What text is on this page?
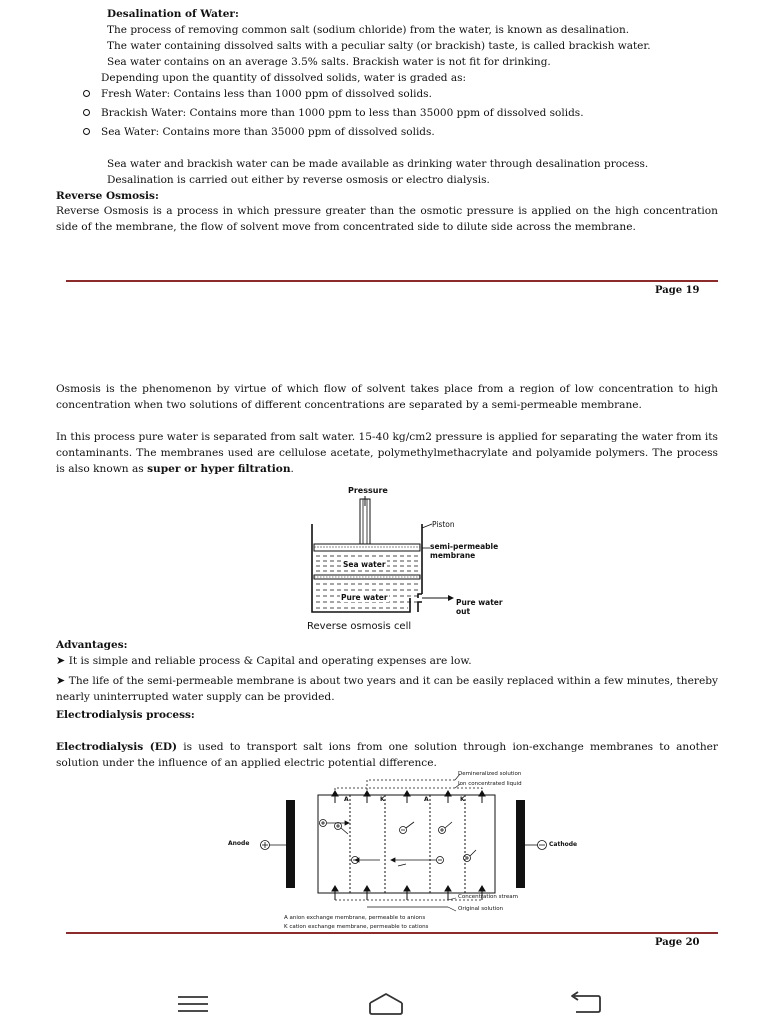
Desalination of Water:
The process of removing common salt (sodium chloride) from the water, is known as desalination.
The water containing dissolved salts with a peculiar salty (or brackish) taste, is called brackish water.
Sea water contains on an average 3.5% salts. Brackish water is not fit for drinking.
Depending upon the quantity of dissolved solids, water is graded as:
Fresh Water: Contains less than 1000 ppm of dissolved solids.
Brackish Water: Contains more than 1000 ppm to less than 35000 ppm of dissolved solids.
Sea Water: Contains more than 35000 ppm of dissolved solids.
Sea water and brackish water can be made available as drinking water through desalination process.
Desalination is carried out either by reverse osmosis or electro dialysis.
Reverse Osmosis:
Reverse Osmosis is a process in which pressure greater than the osmotic pressure is applied on the high concentration side of the membrane, the flow of solvent move from concentrated side to dilute side across the membrane.
Page 19
Osmosis is the phenomenon by virtue of which flow of solvent takes place from a region of low concentration to high concentration when two solutions of different concentrations are separated by a semi-permeable membrane.
In this process pure water is separated from salt water. 15-40 kg/cm2 pressure is applied for separating the water from its contaminants. The membranes used are cellulose acetate, polymethylmethacrylate and polyamide polymers. The process is also known as super or hyper filtration.
Pressure
Piston
semi-permeable
membrane
Sea water
Pure water
Pure water
out
Reverse osmosis cell
Advantages:
➤ It is simple and reliable process & Capital and operating expenses are low.
➤ The life of the semi-permeable membrane is about two years and it can be easily replaced within a few minutes, thereby nearly uninterrupted water supply can be provided.
Electrodialysis process:
Electrodialysis (ED) is used to transport salt ions from one solution through ion-exchange membranes to another solution under the influence of an applied electric potential difference.
Demineralized solution
Ion concentrated liquid
Anode	Cathode
A	K	A	K
Concentration stream
Original solution
A anion exchange membrane, permeable to anions
K cation exchange membrane, permeable to cations
Page 20
